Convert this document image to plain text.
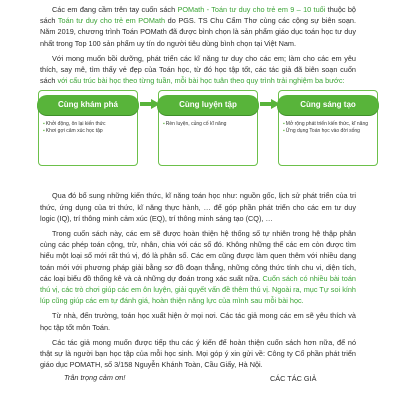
Các em đang cầm trên tay cuốn sách POMath - Toán tư duy cho trẻ em 9 – 10 tuổi thuộc bộ sách Toán tư duy cho trẻ em POMath do PGS. TS Chu Cẩm Thơ cùng các cộng sự biên soạn. Năm 2019, chương trình Toán POMath đã được bình chọn là sản phẩm giáo dục toán học tư duy nhất trong Top 100 sản phẩm uy tín do người tiêu dùng bình chọn tại Việt Nam.

Với mong muốn bồi dưỡng, phát triển các kĩ năng tư duy cho các em; làm cho các em yêu thích, say mê, tìm thấy vẻ đẹp của Toán học, từ đó học tập tốt, các tác giả đã biên soạn cuốn sách với cấu trúc bài học theo từng tuần, mỗi bài học tuân theo quy trình trải nghiệm ba bước:

Cùng khám phá
▪ Khởi động, ôn lại kiến thức
▪ Khơi gợi cảm xúc học tập
Cùng luyện tập
▪ Rèn luyện, củng cố kĩ năng
Cùng sáng tạo
▪ Mở rộng phát triển kiến thức, kĩ năng
▪ Ứng dụng Toán học vào đời sống

Qua đó bổ sung những kiến thức, kĩ năng toán học như: nguồn gốc, lịch sử phát triển của tri thức, ứng dụng của tri thức, kĩ năng thực hành, … để góp phần phát triển cho các em tư duy logic (IQ), trí thông minh cảm xúc (EQ), trí thông minh sáng tạo (CQ), …

Trong cuốn sách này, các em sẽ được hoàn thiện hệ thống số tự nhiên trong hệ thập phân cùng các phép toán cộng, trừ, nhân, chia với các số đó. Không những thế các em còn được tìm hiểu một loại số mới rất thú vị, đó là phân số. Các em cũng được làm quen thêm với nhiều dạng toán mới với phương pháp giải bằng sơ đồ đoạn thẳng, những công thức tính chu vi, diện tích, các loại biểu đồ thống kê và cả những dự đoán trong xác suất nữa. Cuốn sách có nhiều bài toán thú vị, các trò chơi giúp các em ôn luyện, giải quyết vấn đề thêm thú vị. Ngoài ra, mục Tự soi kính lúp cũng giúp các em tự đánh giá, hoàn thiện năng lực của mình sau mỗi bài học.

Từ nhà, đến trường, toán học xuất hiện ở mọi nơi. Các tác giả mong các em sẽ yêu thích và học tập tốt môn Toán.

Các tác giả mong muốn được tiếp thu các ý kiến để hoàn thiện cuốn sách hơn nữa, để nó thật sự là người bạn học tập của mỗi học sinh. Mọi góp ý xin gửi về: Công ty Cổ phần phát triển giáo dục POMATH, số 3/158 Nguyễn Khánh Toàn, Cầu Giấy, Hà Nội.

Trân trọng cảm ơn!	CÁC TÁC GIẢ
